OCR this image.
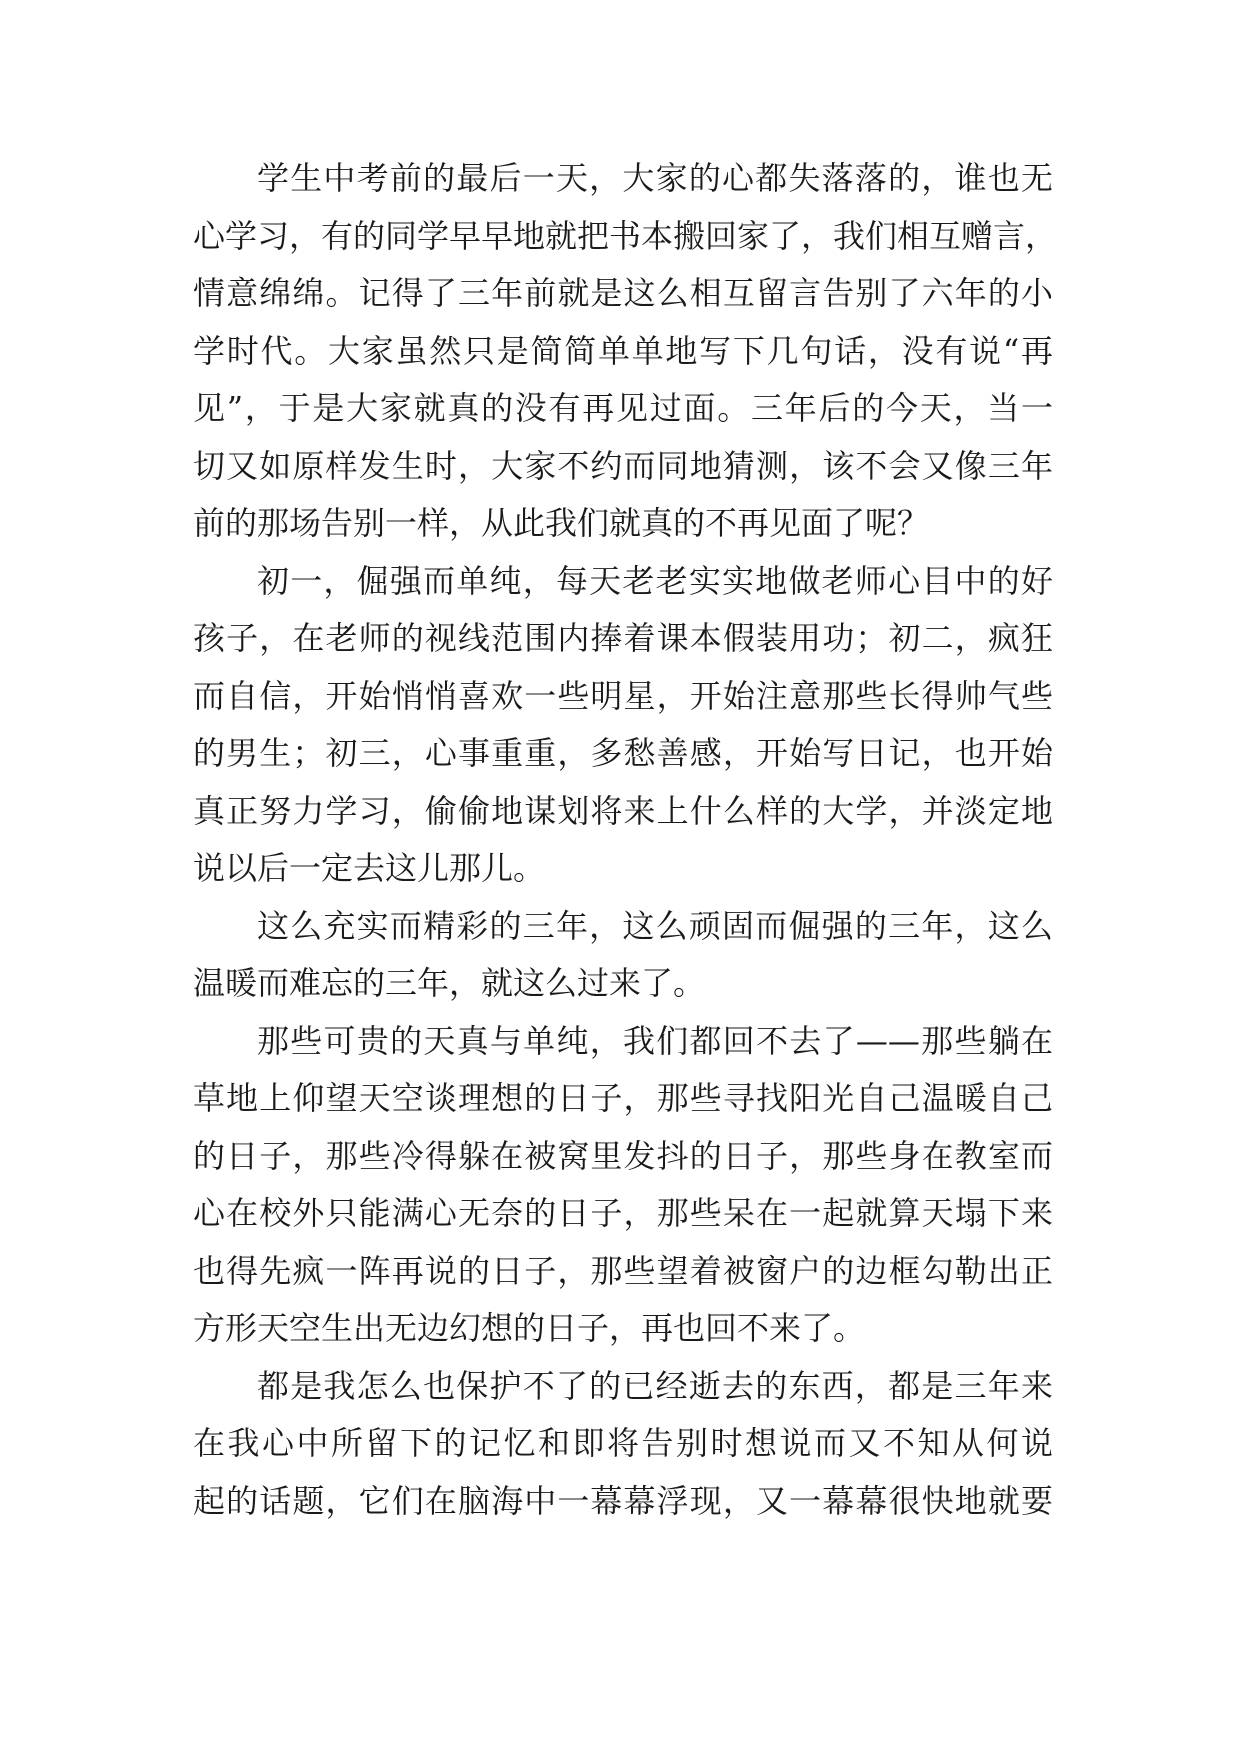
学生中考前的最后一天，大家的心都失落落的，谁也无
心学习，有的同学早早地就把书本搬回家了，我们相互赠言，
情意绵绵。记得了三年前就是这么相互留言告别了六年的小
学时代。大家虽然只是简简单单地写下几句话，没有说“再
见”，于是大家就真的没有再见过面。三年后的今天，当一
切又如原样发生时，大家不约而同地猜测，该不会又像三年
前的那场告别一样，从此我们就真的不再见面了呢？
初一，倔强而单纯，每天老老实实地做老师心目中的好
孩子，在老师的视线范围内捧着课本假装用功；初二，疯狂
而自信，开始悄悄喜欢一些明星，开始注意那些长得帅气些
的男生；初三，心事重重，多愁善感，开始写日记，也开始
真正努力学习，偷偷地谋划将来上什么样的大学，并淡定地
说以后一定去这儿那儿。
这么充实而精彩的三年，这么顽固而倔强的三年，这么
温暖而难忘的三年，就这么过来了。
那些可贵的天真与单纯，我们都回不去了——那些躺在
草地上仰望天空谈理想的日子，那些寻找阳光自己温暖自己
的日子，那些冷得躲在被窝里发抖的日子，那些身在教室而
心在校外只能满心无奈的日子，那些呆在一起就算天塌下来
也得先疯一阵再说的日子，那些望着被窗户的边框勾勒出正
方形天空生出无边幻想的日子，再也回不来了。
都是我怎么也保护不了的已经逝去的东西，都是三年来
在我心中所留下的记忆和即将告别时想说而又不知从何说
起的话题，它们在脑海中一幕幕浮现，又一幕幕很快地就要
